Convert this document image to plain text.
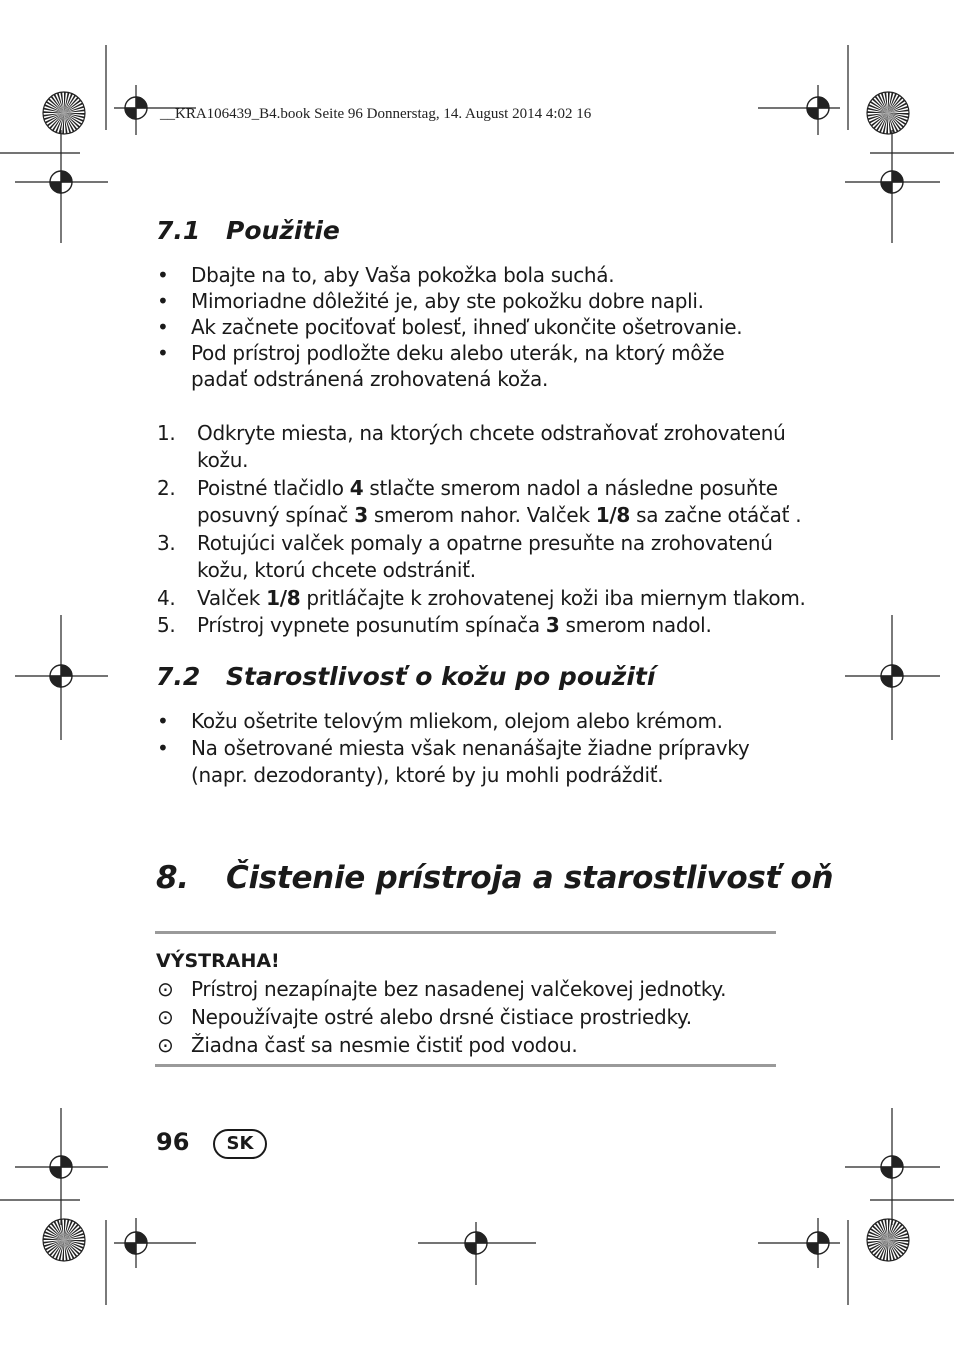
__KRA106439_B4.book Seite 96 Donnerstag, 14. August 2014 4:02 16
7.1 Použitie
• Dbajte na to, aby Vaša pokožka bola suchá.
• Mimoriadne dôležité je, aby ste pokožku dobre napli.
• Ak začnete pociťovať bolesť, ihneď ukončite ošetrovanie.
• Pod prístroj podložte deku alebo uterák, na ktorý môže
padať odstránená zrohovatená koža.
1. Odkryte miesta, na ktorých chcete odstraňovať zrohovatenú
kožu.
2. Poistné tlačidlo 4 stlačte smerom nadol a následne posuňte
posuvný spínač 3 smerom nahor. Valček 1/8 sa začne otáčať .
3. Rotujúci valček pomaly a opatrne presuňte na zrohovatenú
kožu, ktorú chcete odstrániť.
4. Valček 1/8 pritláčajte k zrohovatenej koži iba miernym tlakom.
5. Prístroj vypnete posunutím spínača 3 smerom nadol.
7.2 Starostlivosť o kožu po použití
• Kožu ošetrite telovým mliekom, olejom alebo krémom.
• Na ošetrované miesta však nenanášajte žiadne prípravky
(napr. dezodoranty), ktoré by ju mohli podráždiť.
8. Čistenie prístroja a starostlivosť oň
VÝSTRAHA!
⊙ Prístroj nezapínajte bez nasadenej valčekovej jednotky.
⊙ Nepoužívajte ostré alebo drsné čistiace prostriedky.
⊙ Žiadna časť sa nesmie čistiť pod vodou.
96	SK
